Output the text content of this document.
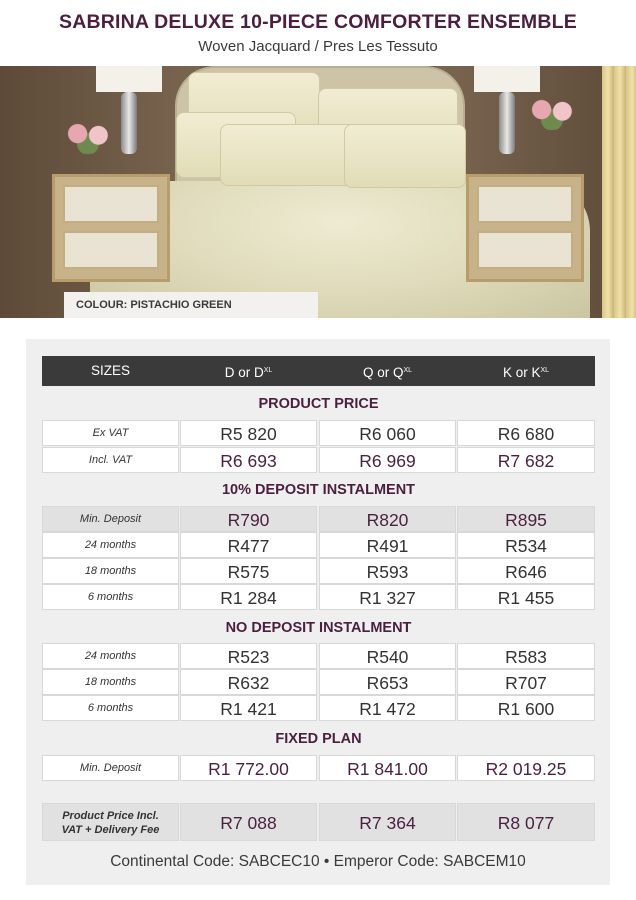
SABRINA DELUXE 10-PIECE COMFORTER ENSEMBLE
Woven Jacquard / Pres Les Tessuto
COLOUR: PISTACHIO GREEN
SIZES	D or $D^{XL}$	Q or $Q^{XL}$	K or $K^{XL}$
PRODUCT PRICE
Ex VAT	R5 820	R6 060	R6 680
Incl. VAT	R6 693	R6 969	R7 682
10% DEPOSIT INSTALMENT
Min. Deposit	R790	R820	R895
24 months	R477	R491	R534
18 months	R575	R593	R646
6 months	R1 284	R1 327	R1 455
NO DEPOSIT INSTALMENT
24 months	R523	R540	R583
18 months	R632	R653	R707
6 months	R1 421	R1 472	R1 600
FIXED PLAN
Min. Deposit	R1 772.00	R1 841.00	R2 019.25
Product Price Incl.
VAT + Delivery Fee	R7 088	R7 364	R8 077
Continental Code: SABCEC10 • Emperor Code: SABCEM10
